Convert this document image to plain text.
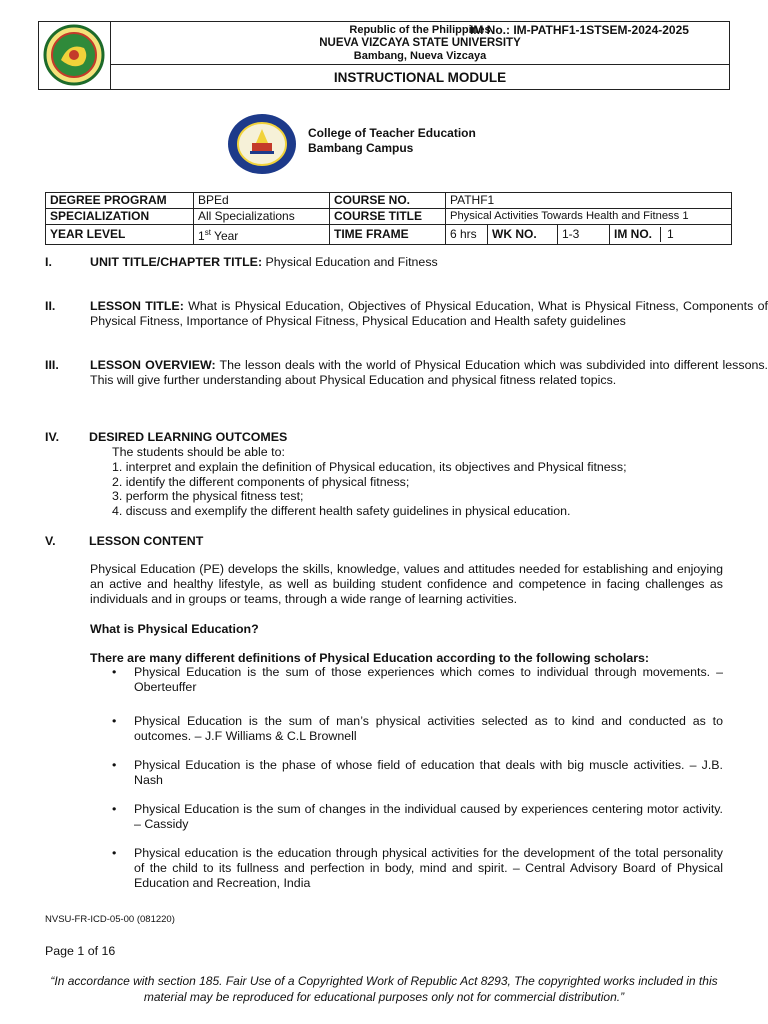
Republic of the Philippines
NUEVA VIZCAYA STATE UNIVERSITY
Bambang, Nueva Vizcaya
INSTRUCTIONAL MODULE
IM No.: IM-PATHF1-1STSEM-2024-2025
College of Teacher Education
Bambang Campus
DEGREE PROGRAM	BPEd	COURSE NO.	PATHF1			
SPECIALIZATION	All Specializations	COURSE TITLE	Physical Activities Towards Health and Fitness 1			
YEAR LEVEL	1st Year	TIME FRAME	6 hrs	WK NO.	1-3	IM NO. 1
I.	UNIT TITLE/CHAPTER TITLE: Physical Education and Fitness
II.	LESSON TITLE: What is Physical Education, Objectives of Physical Education, What is Physical Fitness, Components of Physical Fitness, Importance of Physical Fitness, Physical Education and Health safety guidelines
III.	LESSON OVERVIEW: The lesson deals with the world of Physical Education which was subdivided into different lessons. This will give further understanding about Physical Education and physical fitness related topics.
IV. DESIRED LEARNING OUTCOMES
The students should be able to:
1. interpret and explain the definition of Physical education, its objectives and Physical fitness;
2. identify the different components of physical fitness;
3. perform the physical fitness test;
4. discuss and exemplify the different health safety guidelines in physical education.
V.	LESSON CONTENT
Physical Education (PE) develops the skills, knowledge, values and attitudes needed for establishing and enjoying an active and healthy lifestyle, as well as building student confidence and competence in facing challenges as individuals and in groups or teams, through a wide range of learning activities.
What is Physical Education?
There are many different definitions of Physical Education according to the following scholars:
• Physical Education is the sum of those experiences which comes to individual through movements. – Oberteuffer
• Physical Education is the sum of man’s physical activities selected as to kind and conducted as to outcomes. – J.F Williams & C.L Brownell
• Physical Education is the phase of whose field of education that deals with big muscle activities. – J.B. Nash
• Physical Education is the sum of changes in the individual caused by experiences centering motor activity. – Cassidy
• Physical education is the education through physical activities for the development of the total personality of the child to its fullness and perfection in body, mind and spirit. – Central Advisory Board of Physical Education and Recreation, India
NVSU-FR-ICD-05-00 (081220)
Page 1 of 16
“In accordance with section 185. Fair Use of a Copyrighted Work of Republic Act 8293, The copyrighted works included in this material may be reproduced for educational purposes only not for commercial distribution.”
